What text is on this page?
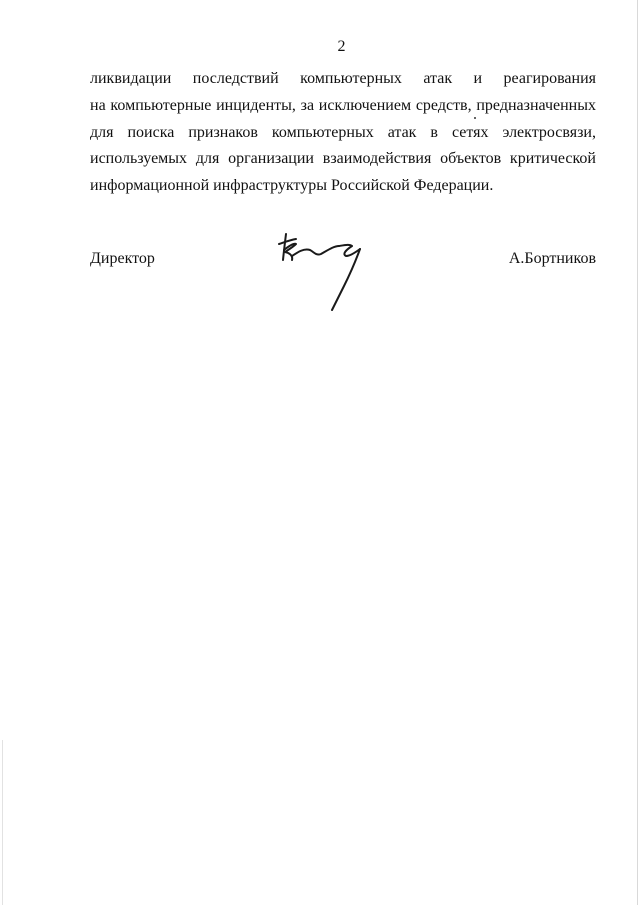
2
ликвидации последствий компьютерных атак и реагирования
на компьютерные инциденты, за исключением средств, предназначенных
для поиска признаков компьютерных атак в сетях электросвязи,
используемых для организации взаимодействия объектов критической
информационной инфраструктуры Российской Федерации.
Директор	А.Бортников
